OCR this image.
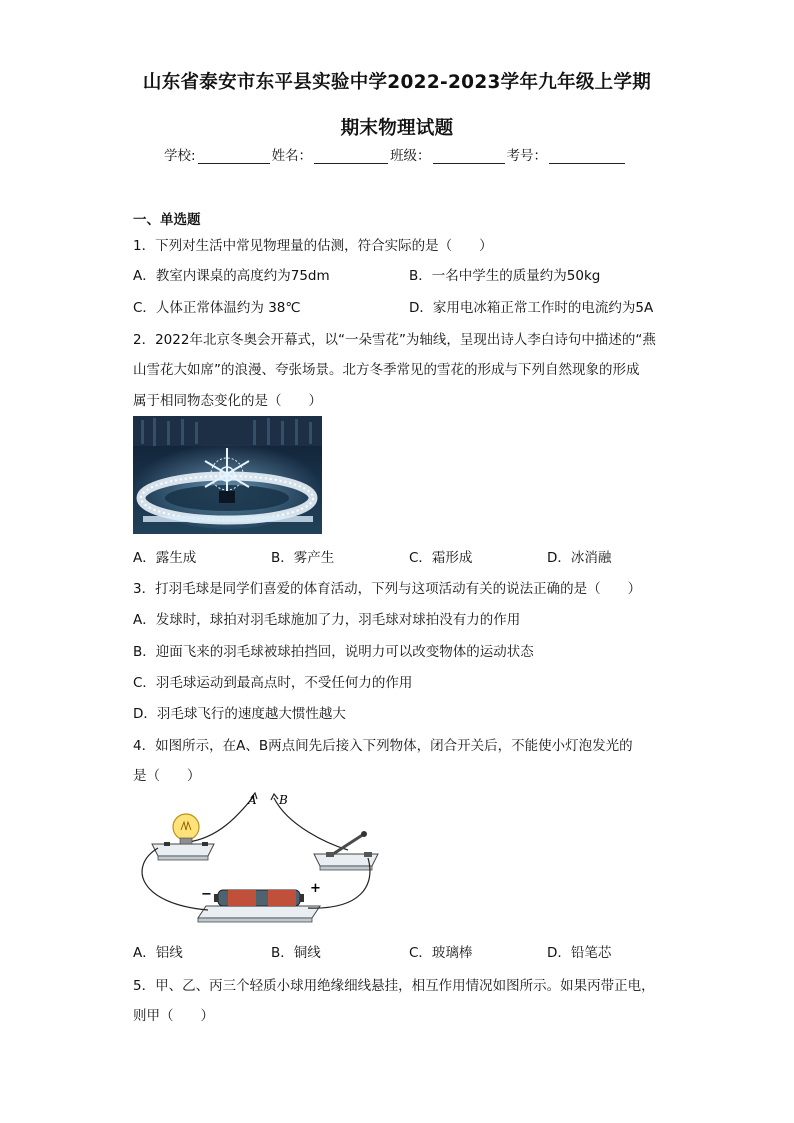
山东省泰安市东平县实验中学2022-2023学年九年级上学期
期末物理试题
学校:	姓名：	班级：	考号：
一、单选题
1．下列对生活中常见物理量的估测，符合实际的是（　　）
A．教室内课桌的高度约为75dm	B．一名中学生的质量约为50kg
C．人体正常体温约为 38℃	D．家用电冰箱正常工作时的电流约为5A
2．2022年北京冬奥会开幕式，以“一朵雪花”为轴线，呈现出诗人李白诗句中描述的“燕
山雪花大如席”的浪漫、夸张场景。北方冬季常见的雪花的形成与下列自然现象的形成
属于相同物态变化的是（　　）
A．露生成	B．雾产生	C．霜形成	D．冰消融
3．打羽毛球是同学们喜爱的体育活动，下列与这项活动有关的说法正确的是（　　）
A．发球时，球拍对羽毛球施加了力，羽毛球对球拍没有力的作用
B．迎面飞来的羽毛球被球拍挡回，说明力可以改变物体的运动状态
C．羽毛球运动到最高点时，不受任何力的作用
D．羽毛球飞行的速度越大惯性越大
4．如图所示，在A、B两点间先后接入下列物体，闭合开关后，不能使小灯泡发光的
是（　　）
A B
−	+
A．铝线	B．铜线	C．玻璃棒	D．铅笔芯
5．甲、乙、丙三个轻质小球用绝缘细线悬挂，相互作用情况如图所示。如果丙带正电，
则甲（　　）
